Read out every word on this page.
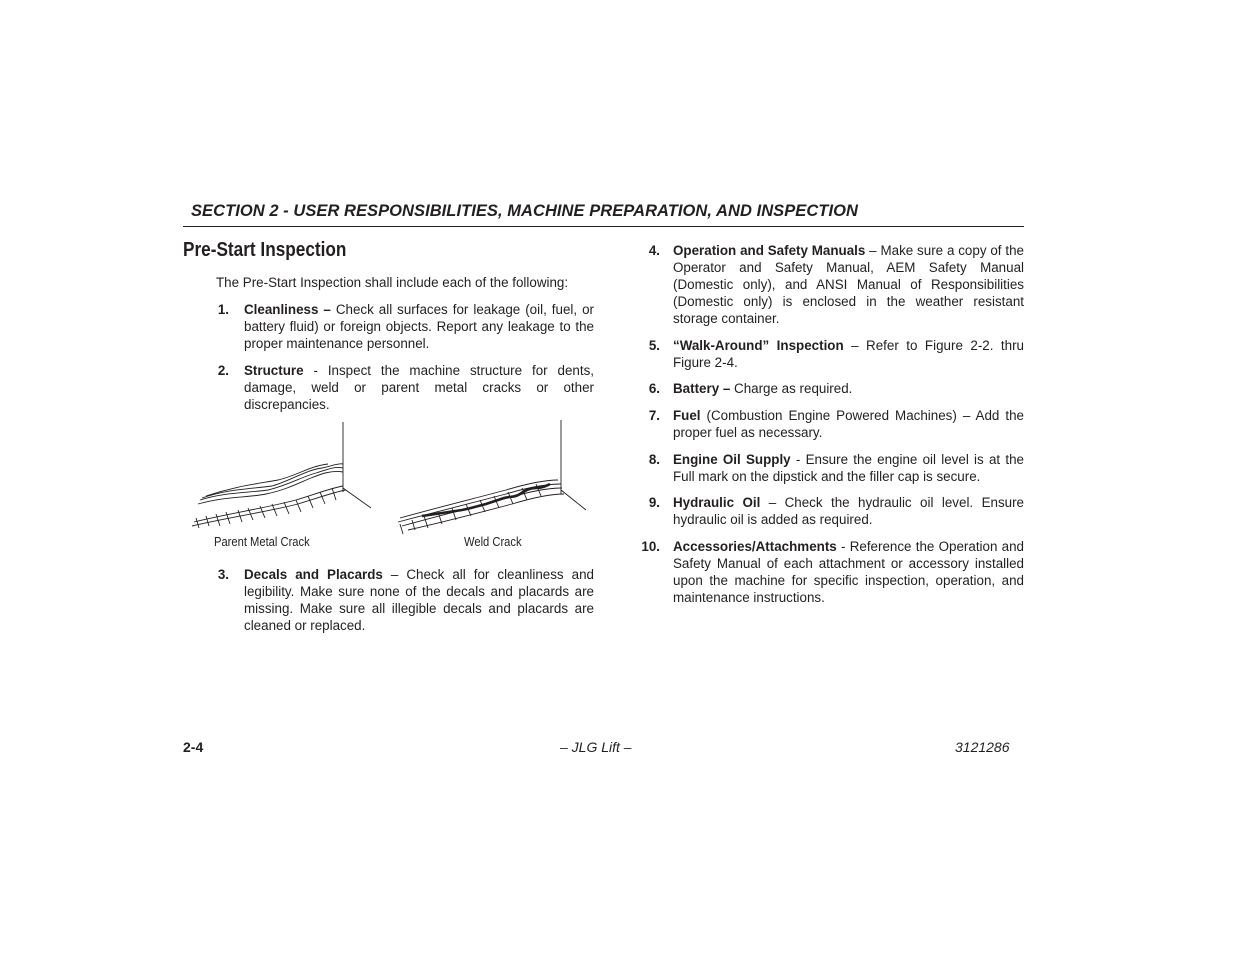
SECTION 2 - USER RESPONSIBILITIES, MACHINE PREPARATION, AND INSPECTION
Pre-Start Inspection
The Pre-Start Inspection shall include each of the following:
1. Cleanliness – Check all surfaces for leakage (oil, fuel, or battery fluid) or foreign objects. Report any leakage to the proper maintenance personnel.
2. Structure - Inspect the machine structure for dents, damage, weld or parent metal cracks or other discrepancies.
Parent Metal Crack	Weld Crack
3. Decals and Placards – Check all for cleanliness and legibility. Make sure none of the decals and placards are missing. Make sure all illegible decals and placards are cleaned or replaced.
4. Operation and Safety Manuals – Make sure a copy of the Operator and Safety Manual, AEM Safety Manual (Domestic only), and ANSI Manual of Responsibilities (Domestic only) is enclosed in the weather resistant storage container.
5. “Walk-Around” Inspection – Refer to Figure 2-2. thru Figure 2-4.
6. Battery – Charge as required.
7. Fuel (Combustion Engine Powered Machines) – Add the proper fuel as necessary.
8. Engine Oil Supply - Ensure the engine oil level is at the Full mark on the dipstick and the filler cap is secure.
9. Hydraulic Oil – Check the hydraulic oil level. Ensure hydraulic oil is added as required.
10. Accessories/Attachments - Reference the Operation and Safety Manual of each attachment or accessory installed upon the machine for specific inspection, operation, and maintenance instructions.
2-4	– JLG Lift –	3121286
